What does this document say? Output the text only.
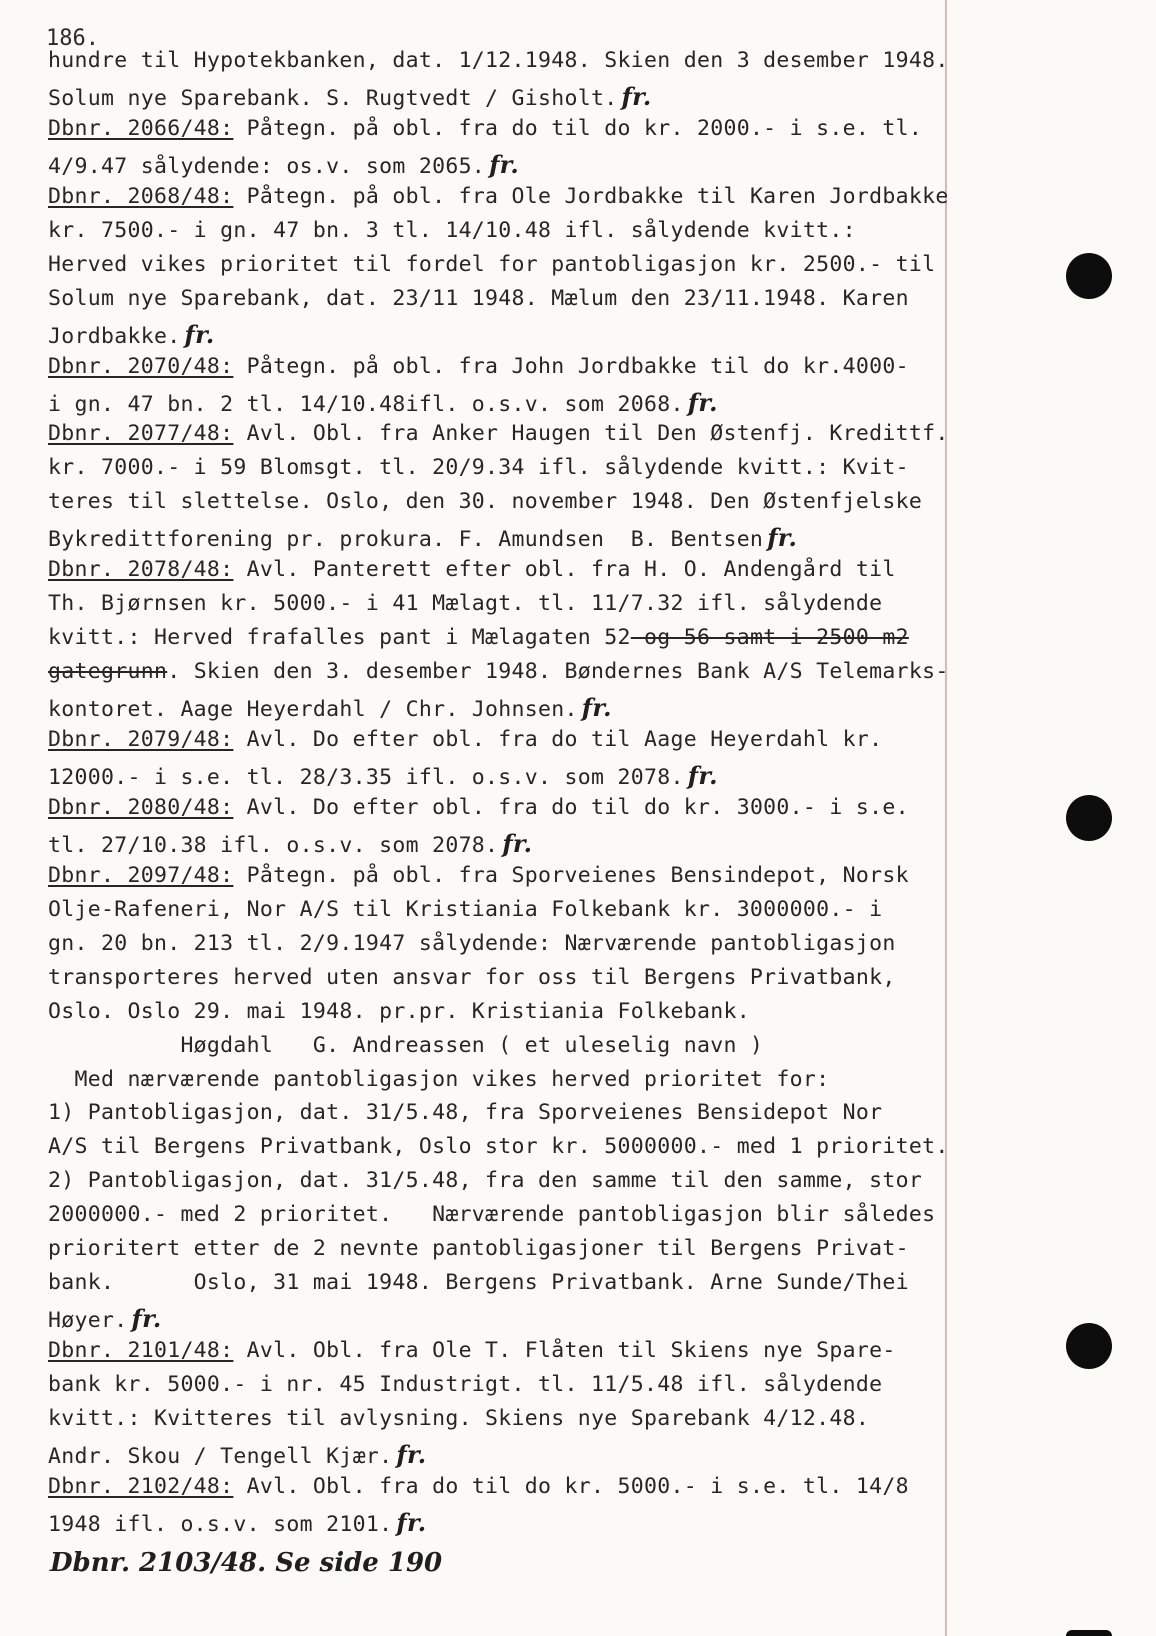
186.
hundre til Hypotekbanken, dat. 1/12.1948. Skien den 3 desember 1948.
Solum nye Sparebank. S. Rugtvedt / Gisholt. fr.
Dbnr. 2066/48: Påtegn. på obl. fra do til do kr. 2000.- i s.e. tl.
4/9.47 sålydende: os.v. som 2065. fr.
Dbnr. 2068/48: Påtegn. på obl. fra Ole Jordbakke til Karen Jordbakke
kr. 7500.- i gn. 47 bn. 3 tl. 14/10.48 ifl. sålydende kvitt.:
Herved vikes prioritet til fordel for pantobligasjon kr. 2500.- til
Solum nye Sparebank, dat. 23/11 1948. Mælum den 23/11.1948. Karen
Jordbakke. fr.
Dbnr. 2070/48: Påtegn. på obl. fra John Jordbakke til do kr.4000-
i gn. 47 bn. 2 tl. 14/10.48ifl. o.s.v. som 2068. fr.
Dbnr. 2077/48: Avl. Obl. fra Anker Haugen til Den Østenfj. Kredittf.
kr. 7000.- i 59 Blomsgt. tl. 20/9.34 ifl. sålydende kvitt.: Kvit-
teres til slettelse. Oslo, den 30. november 1948. Den Østenfjelske
Bykredittforening pr. prokura. F. Amundsen  B. Bentsen fr.
Dbnr. 2078/48: Avl. Panterett efter obl. fra H. O. Andengård til
Th. Bjørnsen kr. 5000.- i 41 Mælagt. tl. 11/7.32 ifl. sålydende
kvitt.: Herved frafalles pant i Mælagaten 52 og 56 samt i 2500 m2
gategrunn. Skien den 3. desember 1948. Bøndernes Bank A/S Telemarks-
kontoret. Aage Heyerdahl / Chr. Johnsen. fr.
Dbnr. 2079/48: Avl. Do efter obl. fra do til Aage Heyerdahl kr.
12000.- i s.e. tl. 28/3.35 ifl. o.s.v. som 2078. fr.
Dbnr. 2080/48: Avl. Do efter obl. fra do til do kr. 3000.- i s.e.
tl. 27/10.38 ifl. o.s.v. som 2078. fr.
Dbnr. 2097/48: Påtegn. på obl. fra Sporveienes Bensindepot, Norsk
Olje-Rafeneri, Nor A/S til Kristiania Folkebank kr. 3000000.- i
gn. 20 bn. 213 tl. 2/9.1947 sålydende: Nærværende pantobligasjon
transporteres herved uten ansvar for oss til Bergens Privatbank,
Oslo. Oslo 29. mai 1948. pr.pr. Kristiania Folkebank.
Høgdahl   G. Andreassen ( et uleselig navn )
Med nærværende pantobligasjon vikes herved prioritet for:
1) Pantobligasjon, dat. 31/5.48, fra Sporveienes Bensidepot Nor
A/S til Bergens Privatbank, Oslo stor kr. 5000000.- med 1 prioritet.
2) Pantobligasjon, dat. 31/5.48, fra den samme til den samme, stor
2000000.- med 2 prioritet.   Nærværende pantobligasjon blir således
prioritert etter de 2 nevnte pantobligasjoner til Bergens Privat-
bank.      Oslo, 31 mai 1948. Bergens Privatbank. Arne Sunde/Thei
Høyer. fr.
Dbnr. 2101/48: Avl. Obl. fra Ole T. Flåten til Skiens nye Spare-
bank kr. 5000.- i nr. 45 Industrigt. tl. 11/5.48 ifl. sålydende
kvitt.: Kvitteres til avlysning. Skiens nye Sparebank 4/12.48.
Andr. Skou / Tengell Kjær. fr.
Dbnr. 2102/48: Avl. Obl. fra do til do kr. 5000.- i s.e. tl. 14/8
1948 ifl. o.s.v. som 2101. fr.
Dbnr. 2103/48. Se side 190
